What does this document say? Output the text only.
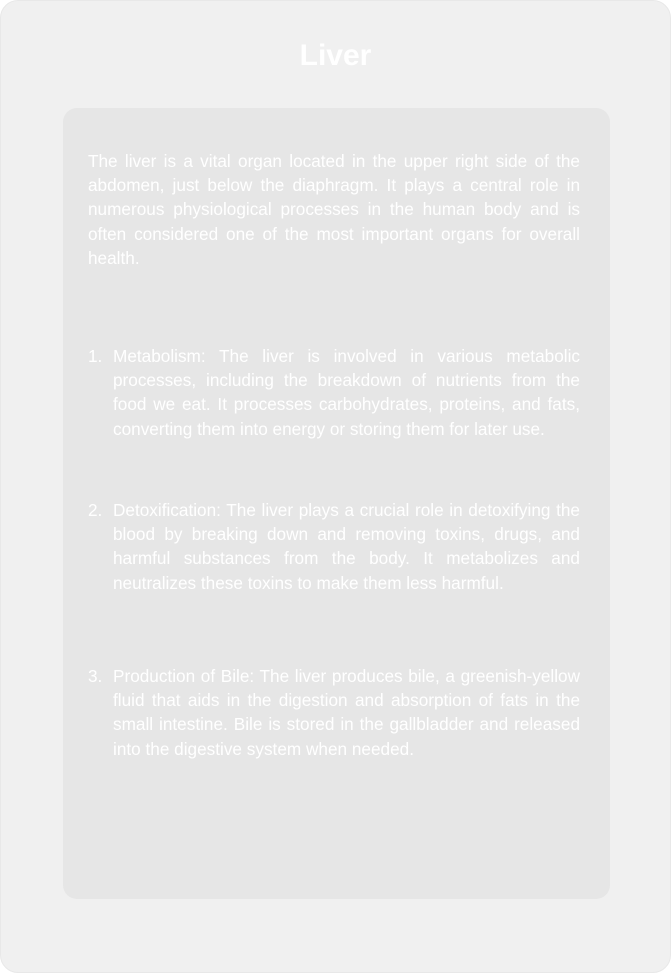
Liver

The liver is a vital organ located in the upper right side of the abdomen, just below the diaphragm. It plays a central role in numerous physiological processes in the human body and is often considered one of the most important organs for overall health.

1. Metabolism: The liver is involved in various metabolic processes, including the breakdown of nutrients from the food we eat. It processes carbohydrates, proteins, and fats, converting them into energy or storing them for later use.

2. Detoxification: The liver plays a crucial role in detoxifying the blood by breaking down and removing toxins, drugs, and harmful substances from the body. It metabolizes and neutralizes these toxins to make them less harmful.

3. Production of Bile: The liver produces bile, a greenish-yellow fluid that aids in the digestion and absorption of fats in the small intestine. Bile is stored in the gallbladder and released into the digestive system when needed.
